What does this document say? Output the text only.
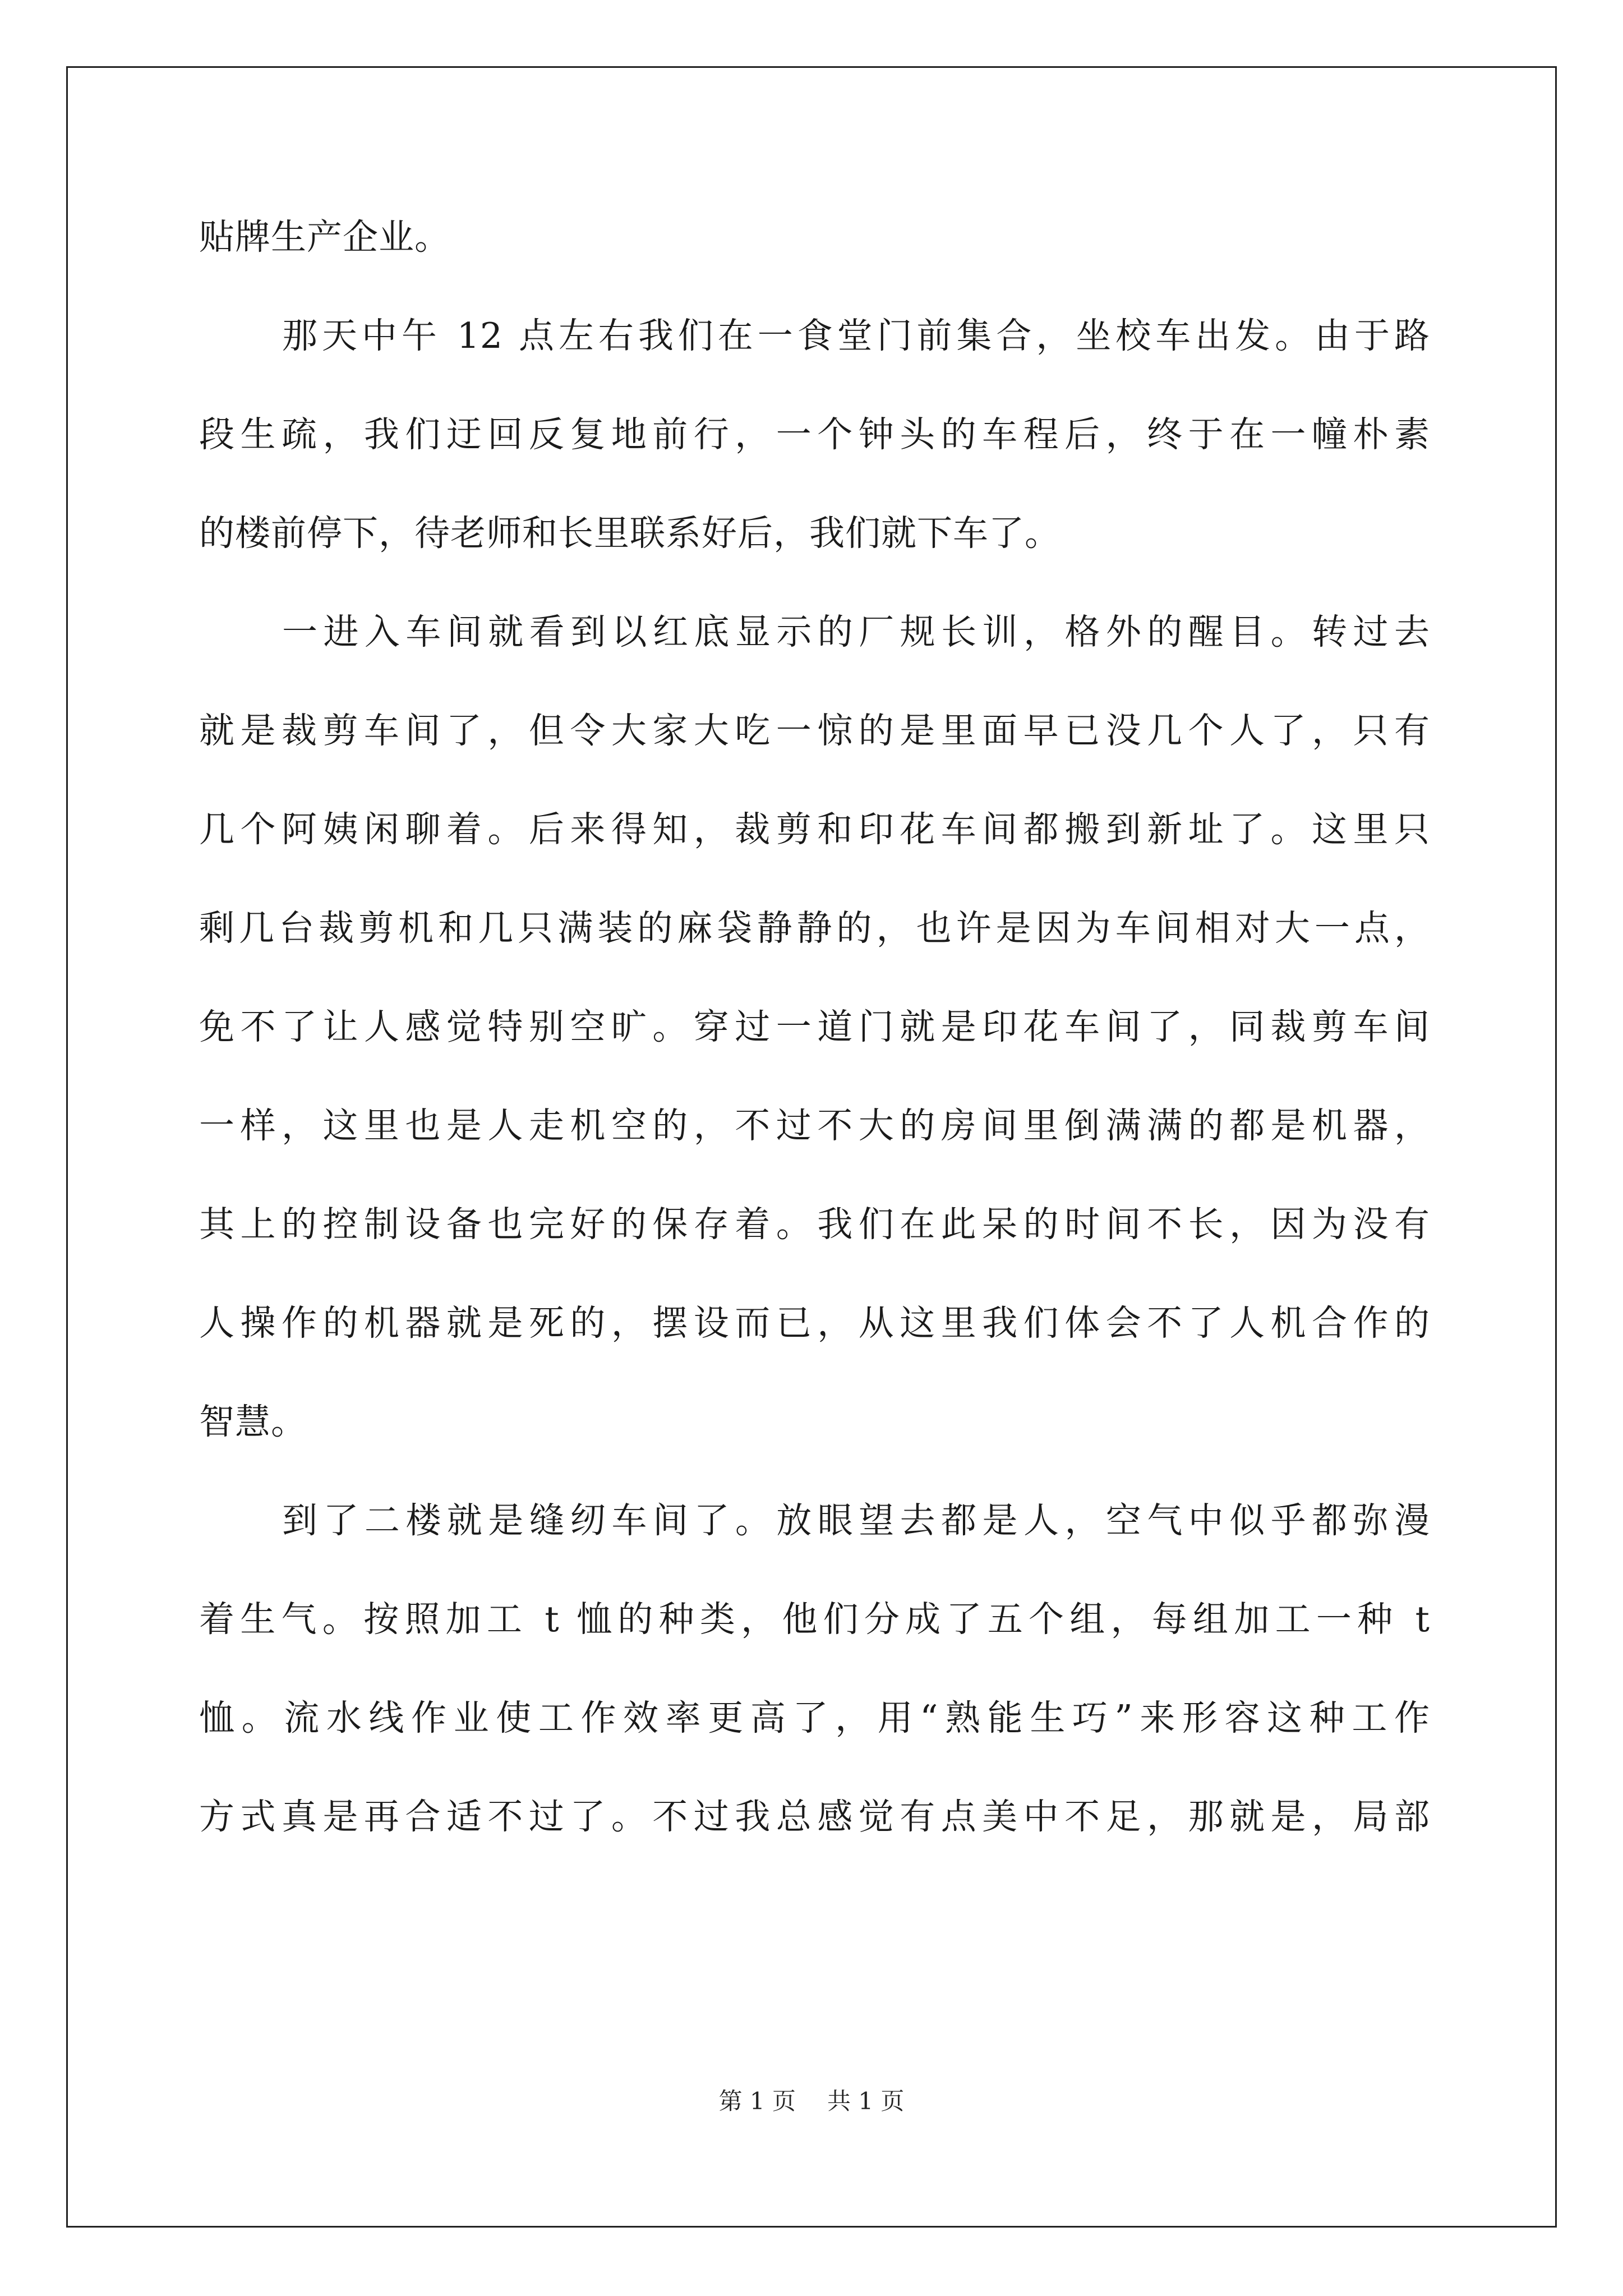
贴牌生产企业。
那天中午 12 点左右我们在一食堂门前集合，坐校车出发。由于路
段生疏，我们迂回反复地前行，一个钟头的车程后，终于在一幢朴素
的楼前停下，待老师和长里联系好后，我们就下车了。
一进入车间就看到以红底显示的厂规长训，格外的醒目。转过去
就是裁剪车间了，但令大家大吃一惊的是里面早已没几个人了，只有
几个阿姨闲聊着。后来得知，裁剪和印花车间都搬到新址了。这里只
剩几台裁剪机和几只满装的麻袋静静的，也许是因为车间相对大一点，
免不了让人感觉特别空旷。穿过一道门就是印花车间了，同裁剪车间
一样，这里也是人走机空的，不过不大的房间里倒满满的都是机器，
其上的控制设备也完好的保存着。我们在此呆的时间不长，因为没有
人操作的机器就是死的，摆设而已，从这里我们体会不了人机合作的
智慧。
到了二楼就是缝纫车间了。放眼望去都是人，空气中似乎都弥漫
着生气。按照加工 t 恤的种类，他们分成了五个组，每组加工一种 t
恤。流水线作业使工作效率更高了，用“熟能生巧”来形容这种工作
方式真是再合适不过了。不过我总感觉有点美中不足，那就是，局部
第 1 页 共 1 页
